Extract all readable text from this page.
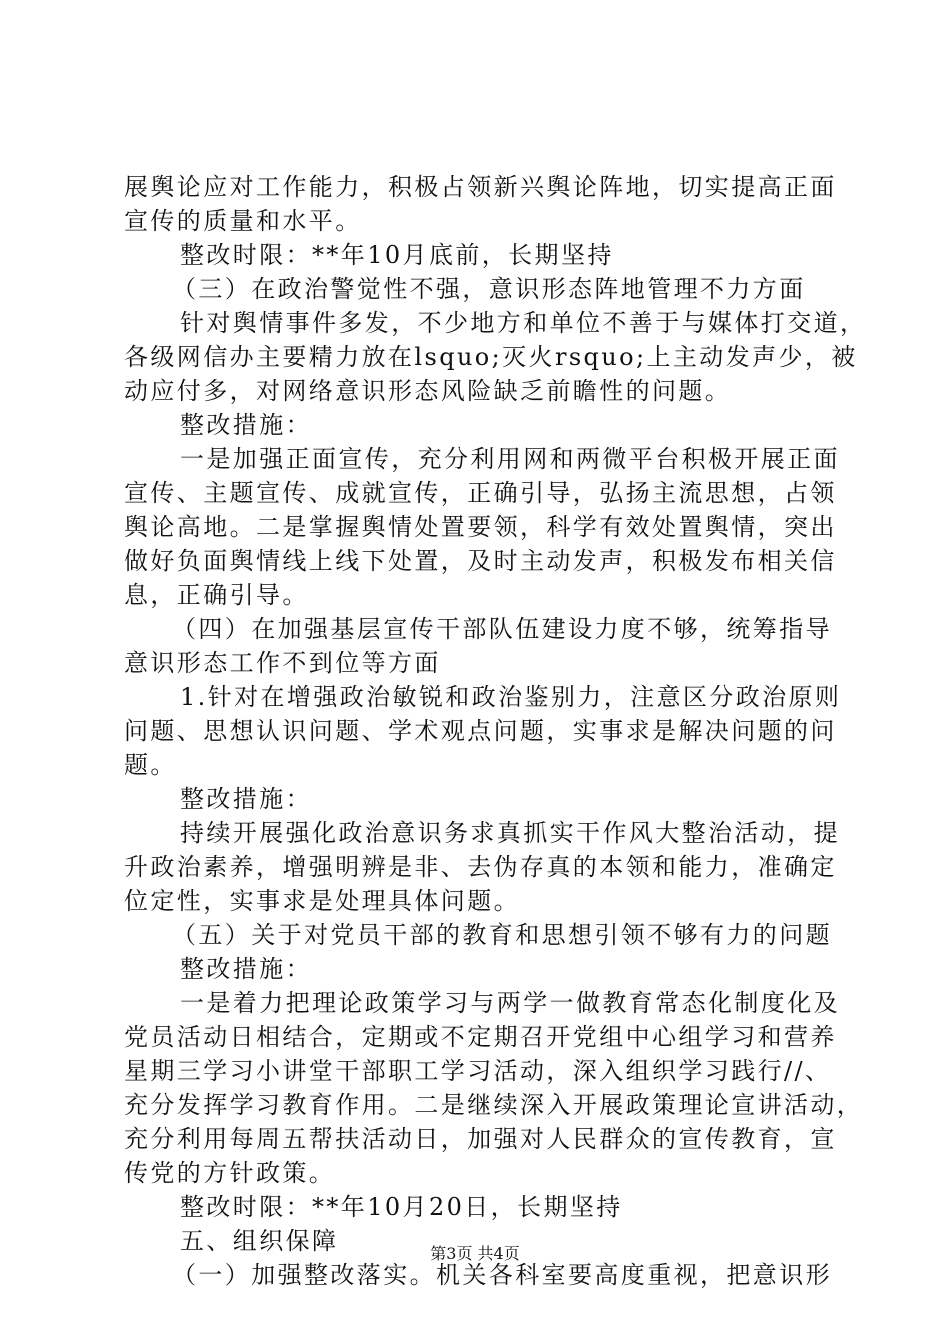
展舆论应对工作能力，积极占领新兴舆论阵地，切实提高正面
宣传的质量和水平。
整改时限：**年10月底前，长期坚持
（三）在政治警觉性不强，意识形态阵地管理不力方面
针对舆情事件多发，不少地方和单位不善于与媒体打交道，
各级网信办主要精力放在lsquo;灭火rsquo;上主动发声少，被
动应付多，对网络意识形态风险缺乏前瞻性的问题。
整改措施：
一是加强正面宣传，充分利用网和两微平台积极开展正面
宣传、主题宣传、成就宣传，正确引导，弘扬主流思想，占领
舆论高地。二是掌握舆情处置要领，科学有效处置舆情，突出
做好负面舆情线上线下处置，及时主动发声，积极发布相关信
息，正确引导。
（四）在加强基层宣传干部队伍建设力度不够，统筹指导
意识形态工作不到位等方面
1.针对在增强政治敏锐和政治鉴别力，注意区分政治原则
问题、思想认识问题、学术观点问题，实事求是解决问题的问
题。
整改措施：
持续开展强化政治意识务求真抓实干作风大整治活动，提
升政治素养，增强明辨是非、去伪存真的本领和能力，准确定
位定性，实事求是处理具体问题。
（五）关于对党员干部的教育和思想引领不够有力的问题
整改措施：
一是着力把理论政策学习与两学一做教育常态化制度化及
党员活动日相结合，定期或不定期召开党组中心组学习和营养
星期三学习小讲堂干部职工学习活动，深入组织学习践行//、
充分发挥学习教育作用。二是继续深入开展政策理论宣讲活动，
充分利用每周五帮扶活动日，加强对人民群众的宣传教育，宣
传党的方针政策。
整改时限：**年10月20日，长期坚持
五、组织保障
（一）加强整改落实。机关各科室要高度重视，把意识形
第3页 共4页
